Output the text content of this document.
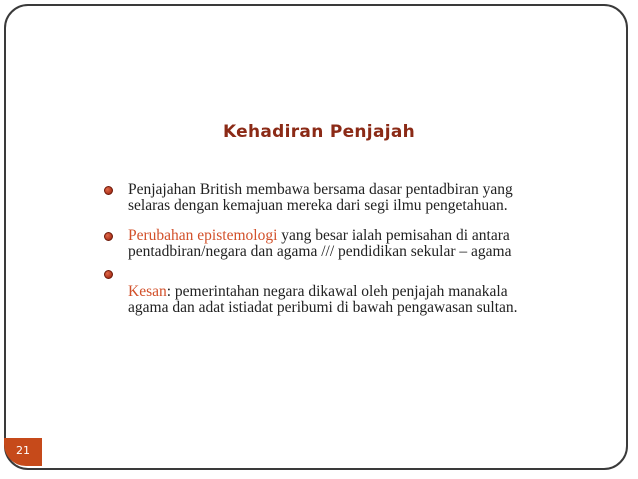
Kehadiran Penjajah
Penjajahan British membawa bersama dasar pentadbiran yang selaras dengan kemajuan mereka dari segi ilmu pengetahuan.
Perubahan epistemologi yang besar ialah pemisahan di antara pentadbiran/negara dan agama /// pendidikan sekular – agama
Kesan: pemerintahan negara dikawal oleh penjajah manakala agama dan adat istiadat peribumi di bawah pengawasan sultan.
21
